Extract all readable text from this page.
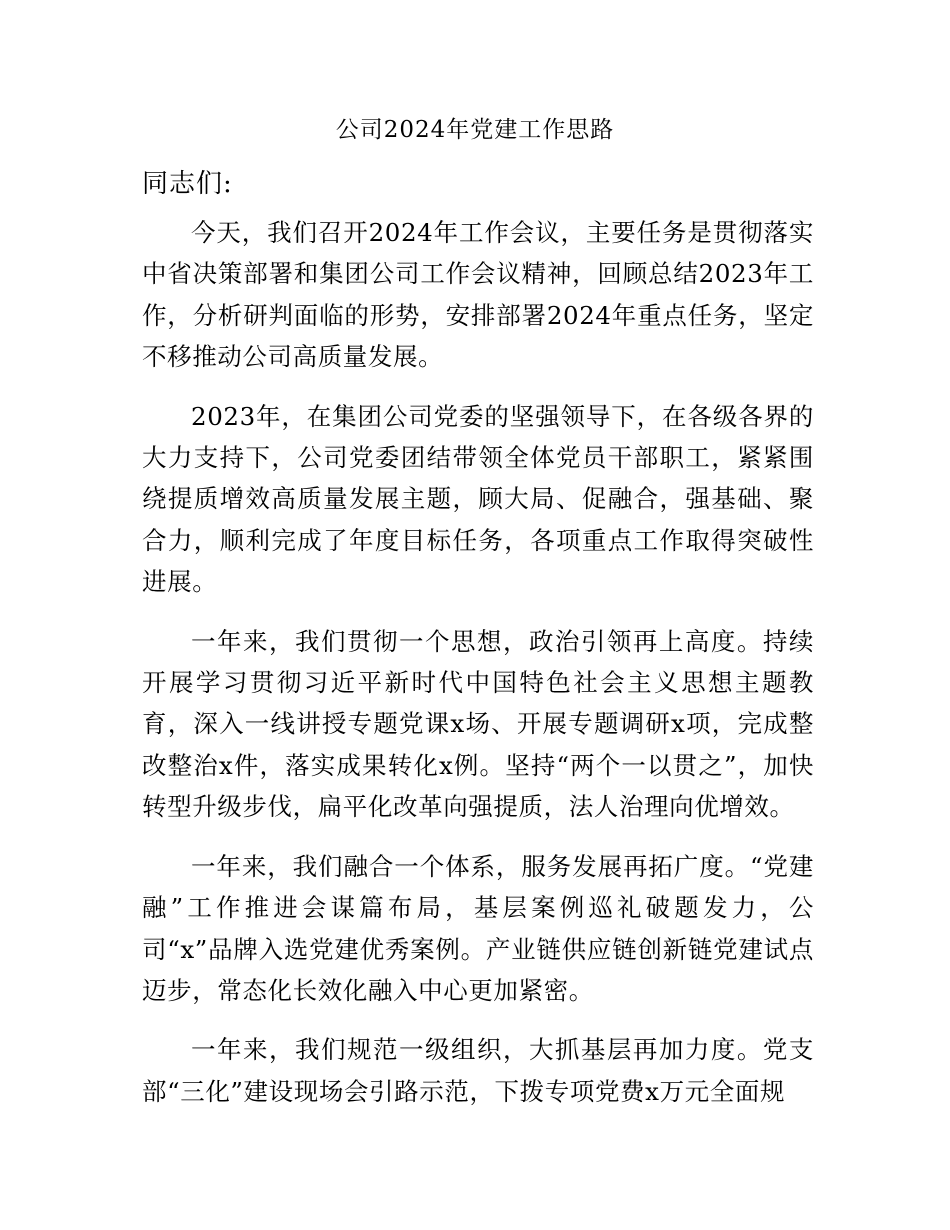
公司2024年党建工作思路
同志们:

今天，我们召开2024年工作会议，主要任务是贯彻落实中省决策部署和集团公司工作会议精神，回顾总结2023年工作，分析研判面临的形势，安排部署2024年重点任务，坚定不移推动公司高质量发展。

2023年，在集团公司党委的坚强领导下，在各级各界的大力支持下，公司党委团结带领全体党员干部职工，紧紧围绕提质增效高质量发展主题，顾大局、促融合，强基础、聚合力，顺利完成了年度目标任务，各项重点工作取得突破性进展。

一年来，我们贯彻一个思想，政治引领再上高度。持续开展学习贯彻习近平新时代中国特色社会主义思想主题教育，深入一线讲授专题党课x场、开展专题调研x项，完成整改整治x件，落实成果转化x例。坚持“两个一以贯之”，加快转型升级步伐，扁平化改革向强提质，法人治理向优增效。

一年来，我们融合一个体系，服务发展再拓广度。“党建融”工作推进会谋篇布局，基层案例巡礼破题发力，公司“x”品牌入选党建优秀案例。产业链供应链创新链党建试点迈步，常态化长效化融入中心更加紧密。

一年来，我们规范一级组织，大抓基层再加力度。党支部“三化”建设现场会引路示范，下拨专项党费x万元全面规
